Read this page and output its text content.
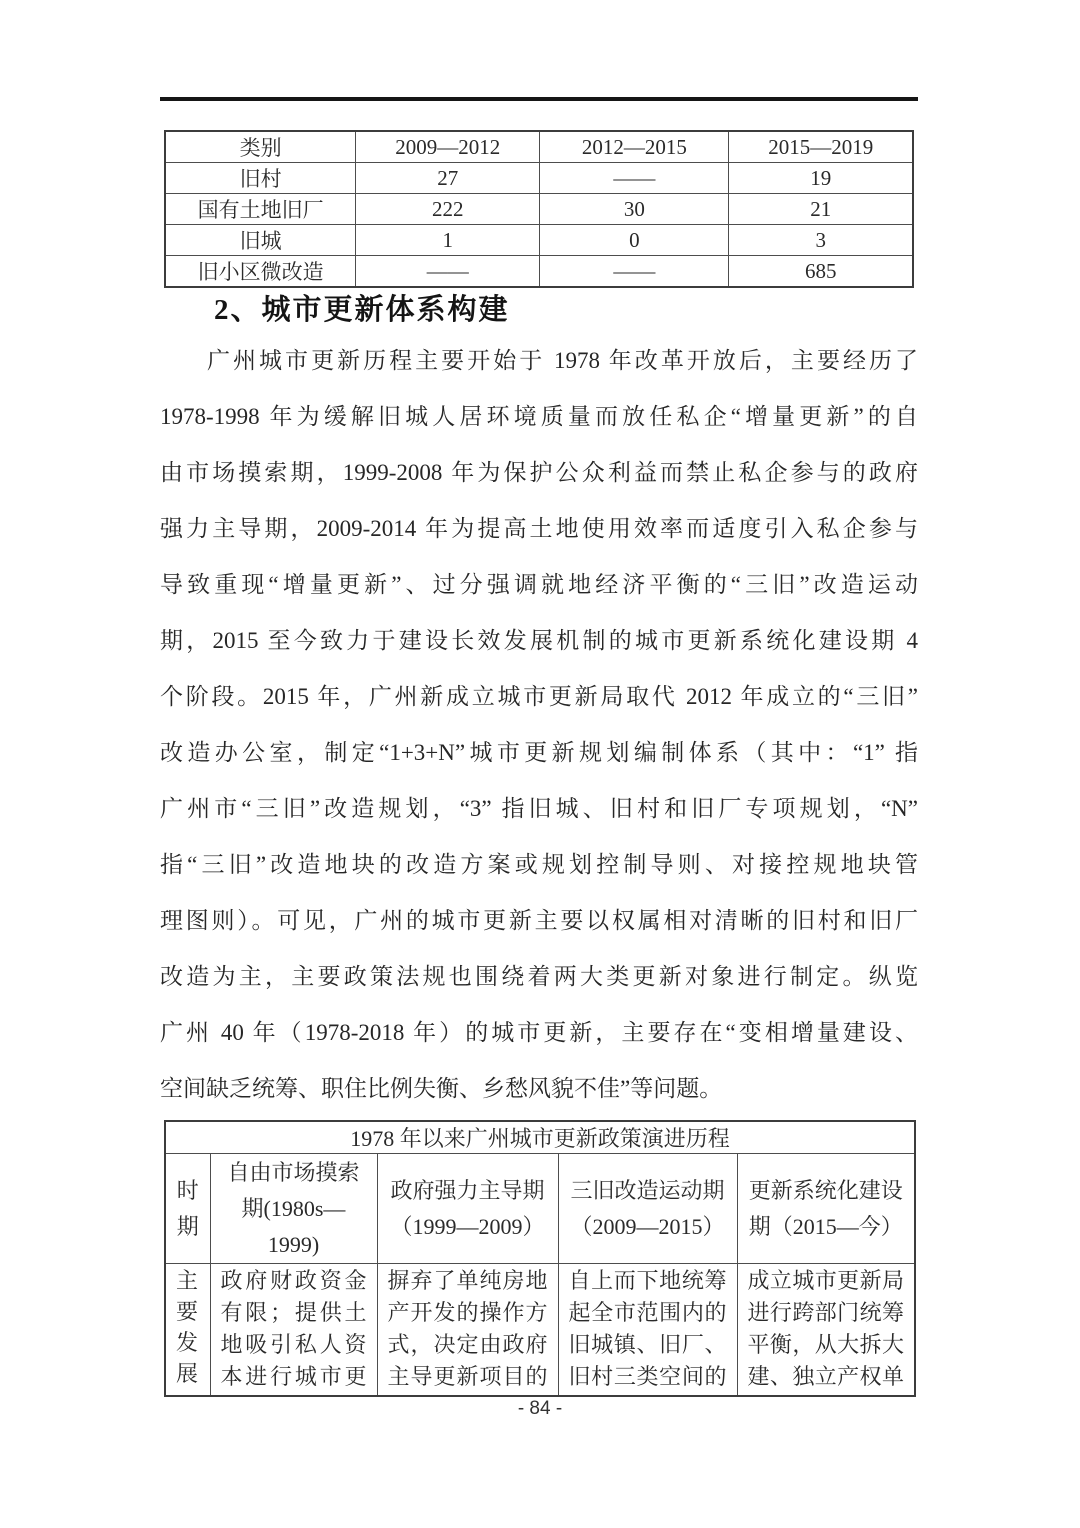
类别	2009—2012	2012—2015	2015—2019
旧村	27	——	19
国有土地旧厂	222	30	21
旧城	1	0	3
旧小区微改造	——	——	685
2、城市更新体系构建
广州城市更新历程主要开始于 1978 年改革开放后，主要经历了
1978-1998 年为缓解旧城人居环境质量而放任私企“增量更新”的自
由市场摸索期，1999-2008 年为保护公众利益而禁止私企参与的政府
强力主导期，2009-2014 年为提高土地使用效率而适度引入私企参与
导致重现“增量更新”、过分强调就地经济平衡的“三旧”改造运动
期，2015 至今致力于建设长效发展机制的城市更新系统化建设期 4
个阶段。2015 年，广州新成立城市更新局取代 2012 年成立的“三旧”
改造办公室，制定“1+3+N”城市更新规划编制体系（其中：“1” 指
广州市“三旧”改造规划，“3” 指旧城、旧村和旧厂专项规划，“N”
指“三旧”改造地块的改造方案或规划控制导则、对接控规地块管
理图则）。可见，广州的城市更新主要以权属相对清晰的旧村和旧厂
改造为主，主要政策法规也围绕着两大类更新对象进行制定。纵览
广州 40 年（1978-2018 年）的城市更新，主要存在“变相增量建设、
空间缺乏统筹、职住比例失衡、乡愁风貌不佳”等问题。
1978 年以来广州城市更新政策演进历程				
时期	自由市场摸索期(1980s—1999)	政府强力主导期（1999—2009）	三旧改造运动期（2009—2015）	更新系统化建设期（2015—今）
主要发展	政府财政资金有限；提供土地吸引私人资本进行城市更	摒弃了单纯房地产开发的操作方式，决定由政府主导更新项目的	自上而下地统筹起全市范围内的旧城镇、旧厂、旧村三类空间的	成立城市更新局进行跨部门统筹平衡，从大拆大建、独立产权单
- 84 -
